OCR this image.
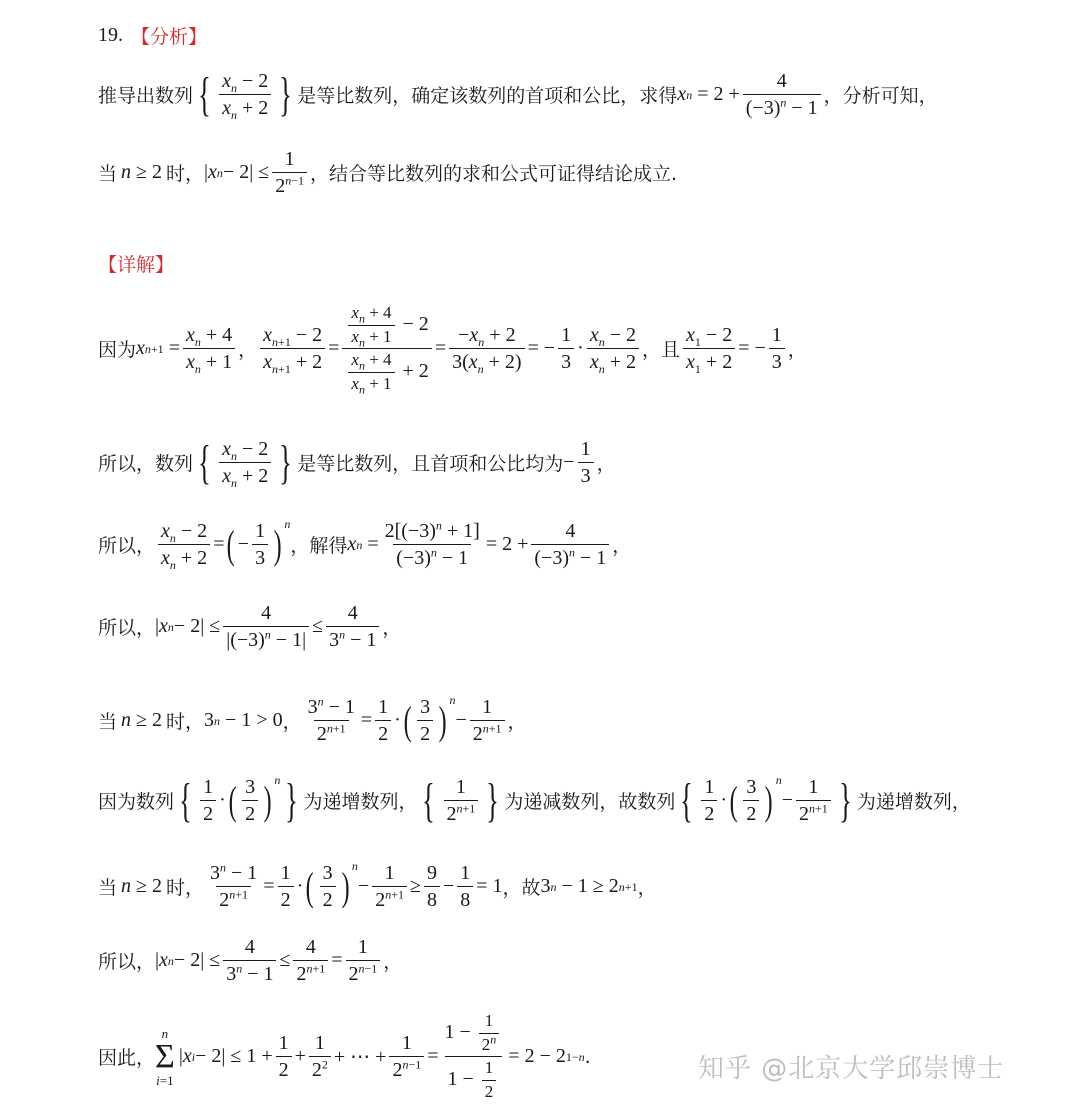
19. 【分析】
推导出数列 { $\frac{x_n - 2}{x_n + 2}$ } 是等比数列，确定该数列的首项和公比，求得 x $n = 2 + \frac{4}{(-3)^n - 1}$ ，分析可知，
当 n ≥ 2 时， | x $n - 2| \le \frac{1}{2^{n-1}}$ ，结合等比数列的求和公式可证得结论成立.
【详解】
因为 x $n+1 = \frac{x_n + 4}{x_n + 1}$ ， $\frac{x_{n+1} - 2}{x_{n+1} + 2} = \frac{\frac{x_n + 4}{x_n + 1} - 2}{\frac{x_n + 4}{x_n + 1} + 2} = \frac{-x_n + 2}{3(x_n + 2)}$ = − $\frac{1}{3} \cdot \frac{x_n - 2}{x_n + 2}$ ，且 $\frac{x_1 - 2}{x_1 + 2}$ = − $\frac{1}{3}$ ，
所以，数列 { $\frac{x_n - 2}{x_n + 2}$ } 是等比数列，且首项和公比均为 − $\frac{1}{3}$ ，
所以， $\frac{x_n - 2}{x_n + 2}$ = ( − $\frac{1}{3}$ ) n
，解得 x $n = \frac{2[(-3)^n + 1]}{(-3)^n - 1} = 2 + \frac{4}{(-3)^n - 1}$ ，
所以， | x $n - 2| \le \frac{4}{|(-3)^n - 1|} \le \frac{4}{3^n - 1}$ ，
当 n ≥ 2 时， 3 n − 1 > 0 ， $\frac{3^n - 1}{2^{n+1}} = \frac{1}{2}$ · ( $\frac{3}{2}$ ) n
− $\frac{1}{2^{n+1}}$ ，
因为数列 { $\frac{1}{2}$ · ( $\frac{3}{2}$ ) n } 为递增数列， { $\frac{1}{2^{n+1}}$ } 为递减数列，故数列 { $\frac{1}{2}$ · ( $\frac{3}{2}$ ) n
− $\frac{1}{2^{n+1}}$ } 为递增数列，
当 n ≥ 2 时， $\frac{3^n - 1}{2^{n+1}} = \frac{1}{2}$ · ( $\frac{3}{2}$ ) n
− $\frac{1}{2^{n+1}} \ge \frac{9}{8} - \frac{1}{8} = 1$ ，故 3 n − 1 ≥ 2 n+1 ，
所以， | x $n - 2| \le \frac{4}{3^n - 1} \le \frac{4}{2^{n+1}} = \frac{1}{2^{n-1}}$ ，
因此，
n
Σ
i=1
| x $i - 2| \le 1 + \frac{1}{2} + \frac{1}{2^2}$ + ⋯ + $\frac{1}{2^{n-1}} = \frac{1 - \frac{1}{2^n}}{1 - \frac{1}{2}} = 2 - 2$ 1−n .	知乎 @北京大学邱崇博士
